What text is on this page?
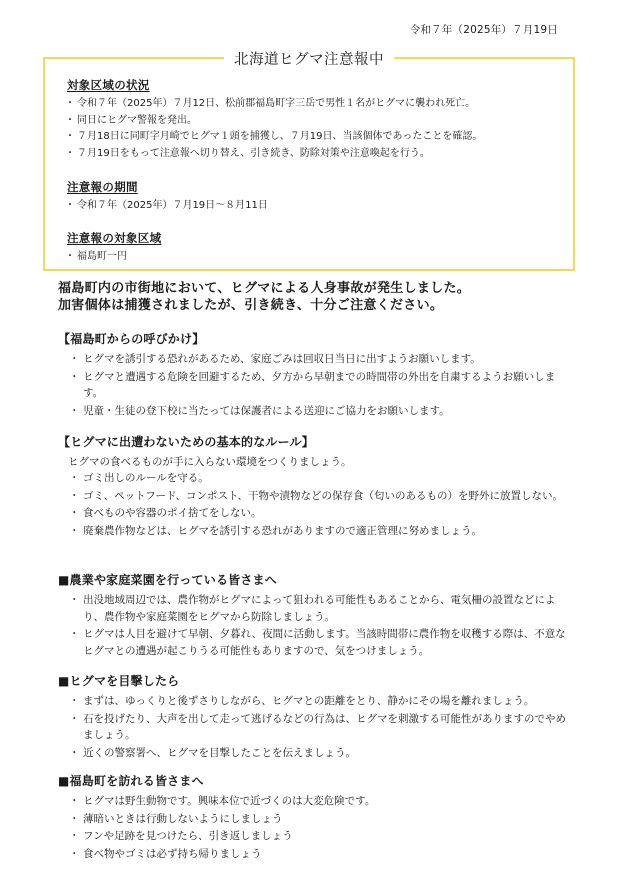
令和７年（2025年）７月19日
北海道ヒグマ注意報中
対象区域の状況
・ 令和７年（2025年）７月12日、松前郡福島町字三岳で男性１名がヒグマに襲われ死亡。
・ 同日にヒグマ警報を発出。
・ ７月18日に同町字月崎でヒグマ１頭を捕獲し、７月19日、当該個体であったことを確認。
・ ７月19日をもって注意報へ切り替え、引き続き、防除対策や注意喚起を行う。
注意報の期間
・ 令和７年（2025年）７月19日～８月11日
注意報の対象区域
・ 福島町一円
福島町内の市街地において、ヒグマによる人身事故が発生しました。
加害個体は捕獲されましたが、引き続き、十分ご注意ください。
【福島町からの呼びかけ】
・ ヒグマを誘引する恐れがあるため、家庭ごみは回収日当日に出すようお願いします。
・ ヒグマと遭遇する危険を回避するため、夕方から早朝までの時間帯の外出を自粛するようお願いします。
・ 児童・生徒の登下校に当たっては保護者による送迎にご協力をお願いします。
【ヒグマに出遭わないための基本的なルール】
ヒグマの食べるものが手に入らない環境をつくりましょう。
・ ゴミ出しのルールを守る。
・ ゴミ、ペットフード、コンポスト、干物や漬物などの保存食（匂いのあるもの）を野外に放置しない。
・ 食べものや容器のポイ捨てをしない。
・ 廃棄農作物などは、ヒグマを誘引する恐れがありますので適正管理に努めましょう。
■農業や家庭菜園を行っている皆さまへ
・ 出没地域周辺では、農作物がヒグマによって狙われる可能性もあることから、電気柵の設置などにより、農作物や家庭菜園をヒグマから防除しましょう。
・ ヒグマは人目を避けて早朝、夕暮れ、夜間に活動します。当該時間帯に農作物を収穫する際は、不意なヒグマとの遭遇が起こりうる可能性もありますので、気をつけましょう。
■ヒグマを目撃したら
・ まずは、ゆっくりと後ずさりしながら、ヒグマとの距離をとり、静かにその場を離れましょう。
・ 石を投げたり、大声を出して走って逃げるなどの行為は、ヒグマを刺激する可能性がありますのでやめましょう。
・ 近くの警察署へ、ヒグマを目撃したことを伝えましょう。
■福島町を訪れる皆さまへ
・ ヒグマは野生動物です。興味本位で近づくのは大変危険です。
・ 薄暗いときは行動しないようにしましょう
・ フンや足跡を見つけたら、引き返しましょう
・ 食べ物やゴミは必ず持ち帰りましょう
